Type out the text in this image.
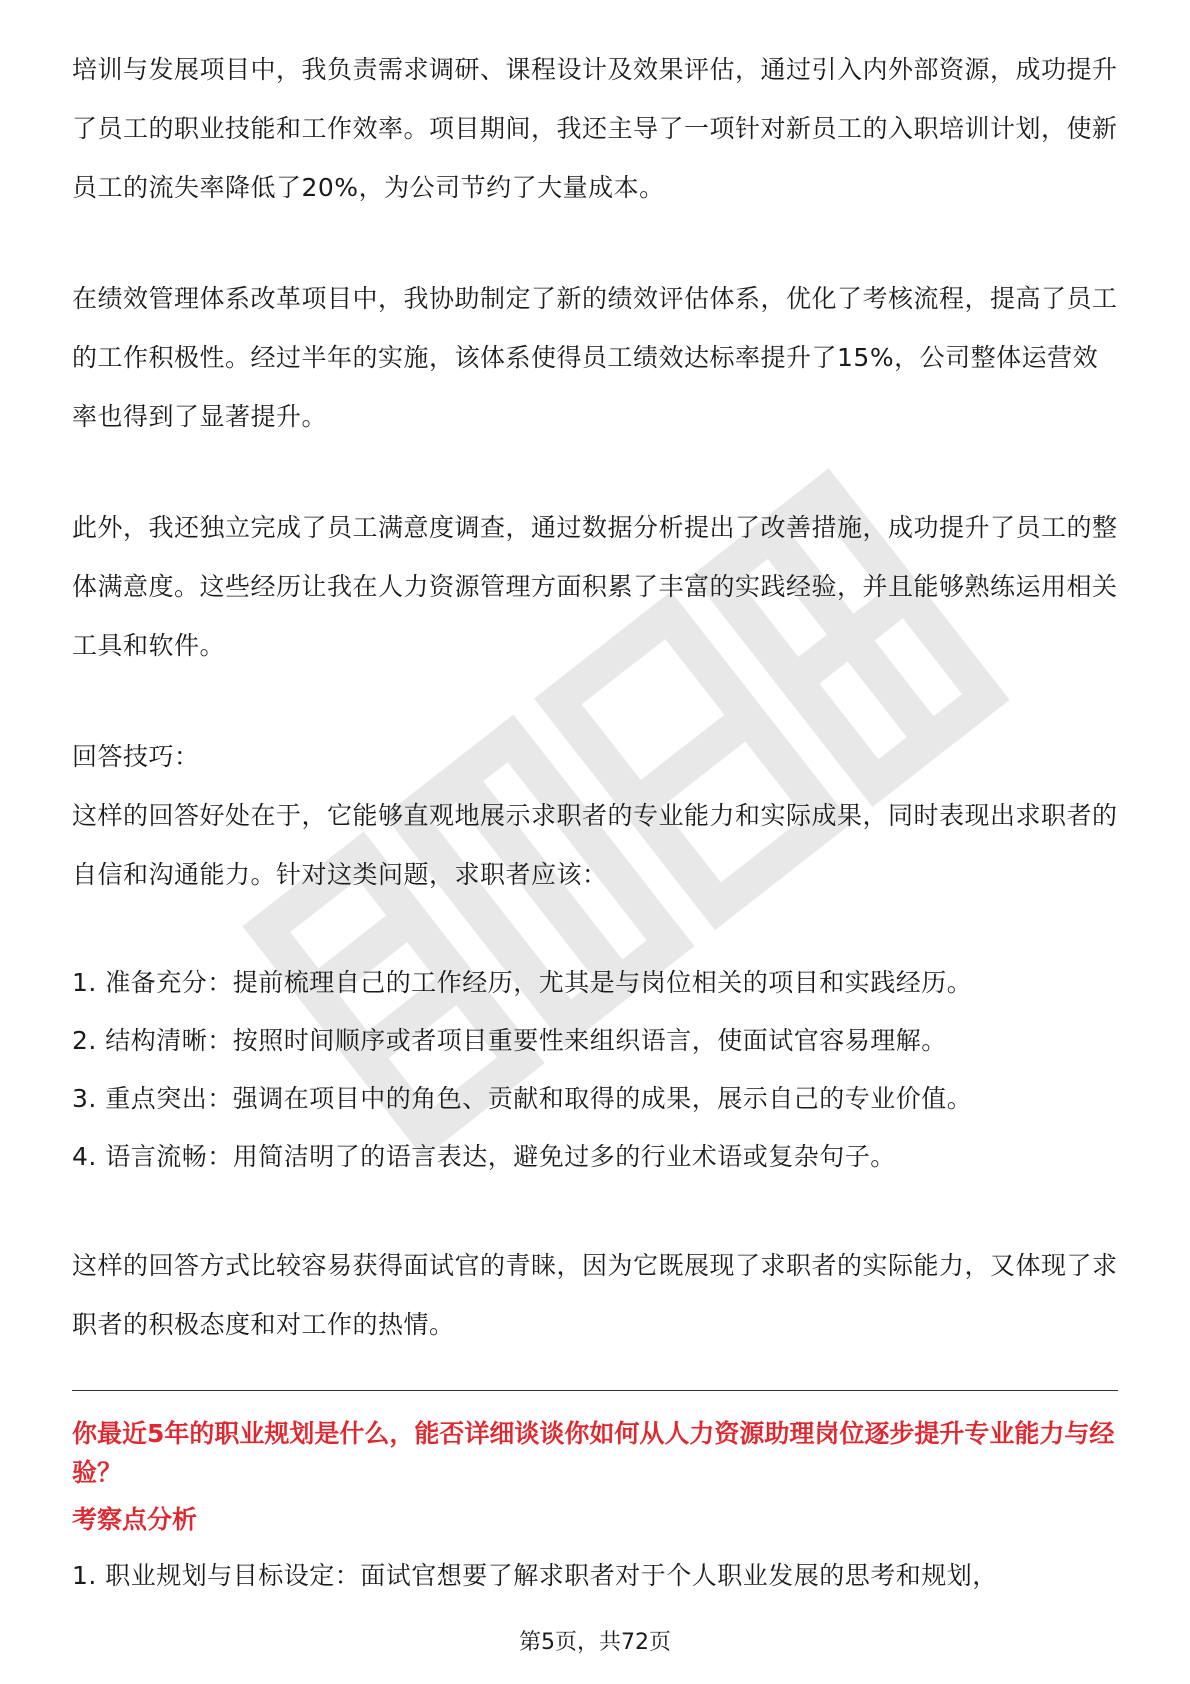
培训与发展项目中，我负责需求调研、课程设计及效果评估，通过引入内外部资源，成功提升了员工的职业技能和工作效率。项目期间，我还主导了一项针对新员工的入职培训计划，使新员工的流失率降低了20%，为公司节约了大量成本。

在绩效管理体系改革项目中，我协助制定了新的绩效评估体系，优化了考核流程，提高了员工的工作积极性。经过半年的实施，该体系使得员工绩效达标率提升了15%，公司整体运营效率也得到了显著提升。

此外，我还独立完成了员工满意度调查，通过数据分析提出了改善措施，成功提升了员工的整体满意度。这些经历让我在人力资源管理方面积累了丰富的实践经验，并且能够熟练运用相关工具和软件。

回答技巧：

这样的回答好处在于，它能够直观地展示求职者的专业能力和实际成果，同时表现出求职者的自信和沟通能力。针对这类问题，求职者应该：

1. 准备充分：提前梳理自己的工作经历，尤其是与岗位相关的项目和实践经历。

2. 结构清晰：按照时间顺序或者项目重要性来组织语言，使面试官容易理解。

3. 重点突出：强调在项目中的角色、贡献和取得的成果，展示自己的专业价值。

4. 语言流畅：用简洁明了的语言表达，避免过多的行业术语或复杂句子。

这样的回答方式比较容易获得面试官的青睐，因为它既展现了求职者的实际能力，又体现了求职者的积极态度和对工作的热情。

你最近5年的职业规划是什么，能否详细谈谈你如何从人力资源助理岗位逐步提升专业能力与经验？

考察点分析

1. 职业规划与目标设定：面试官想要了解求职者对于个人职业发展的思考和规划，

第5页，共72页
